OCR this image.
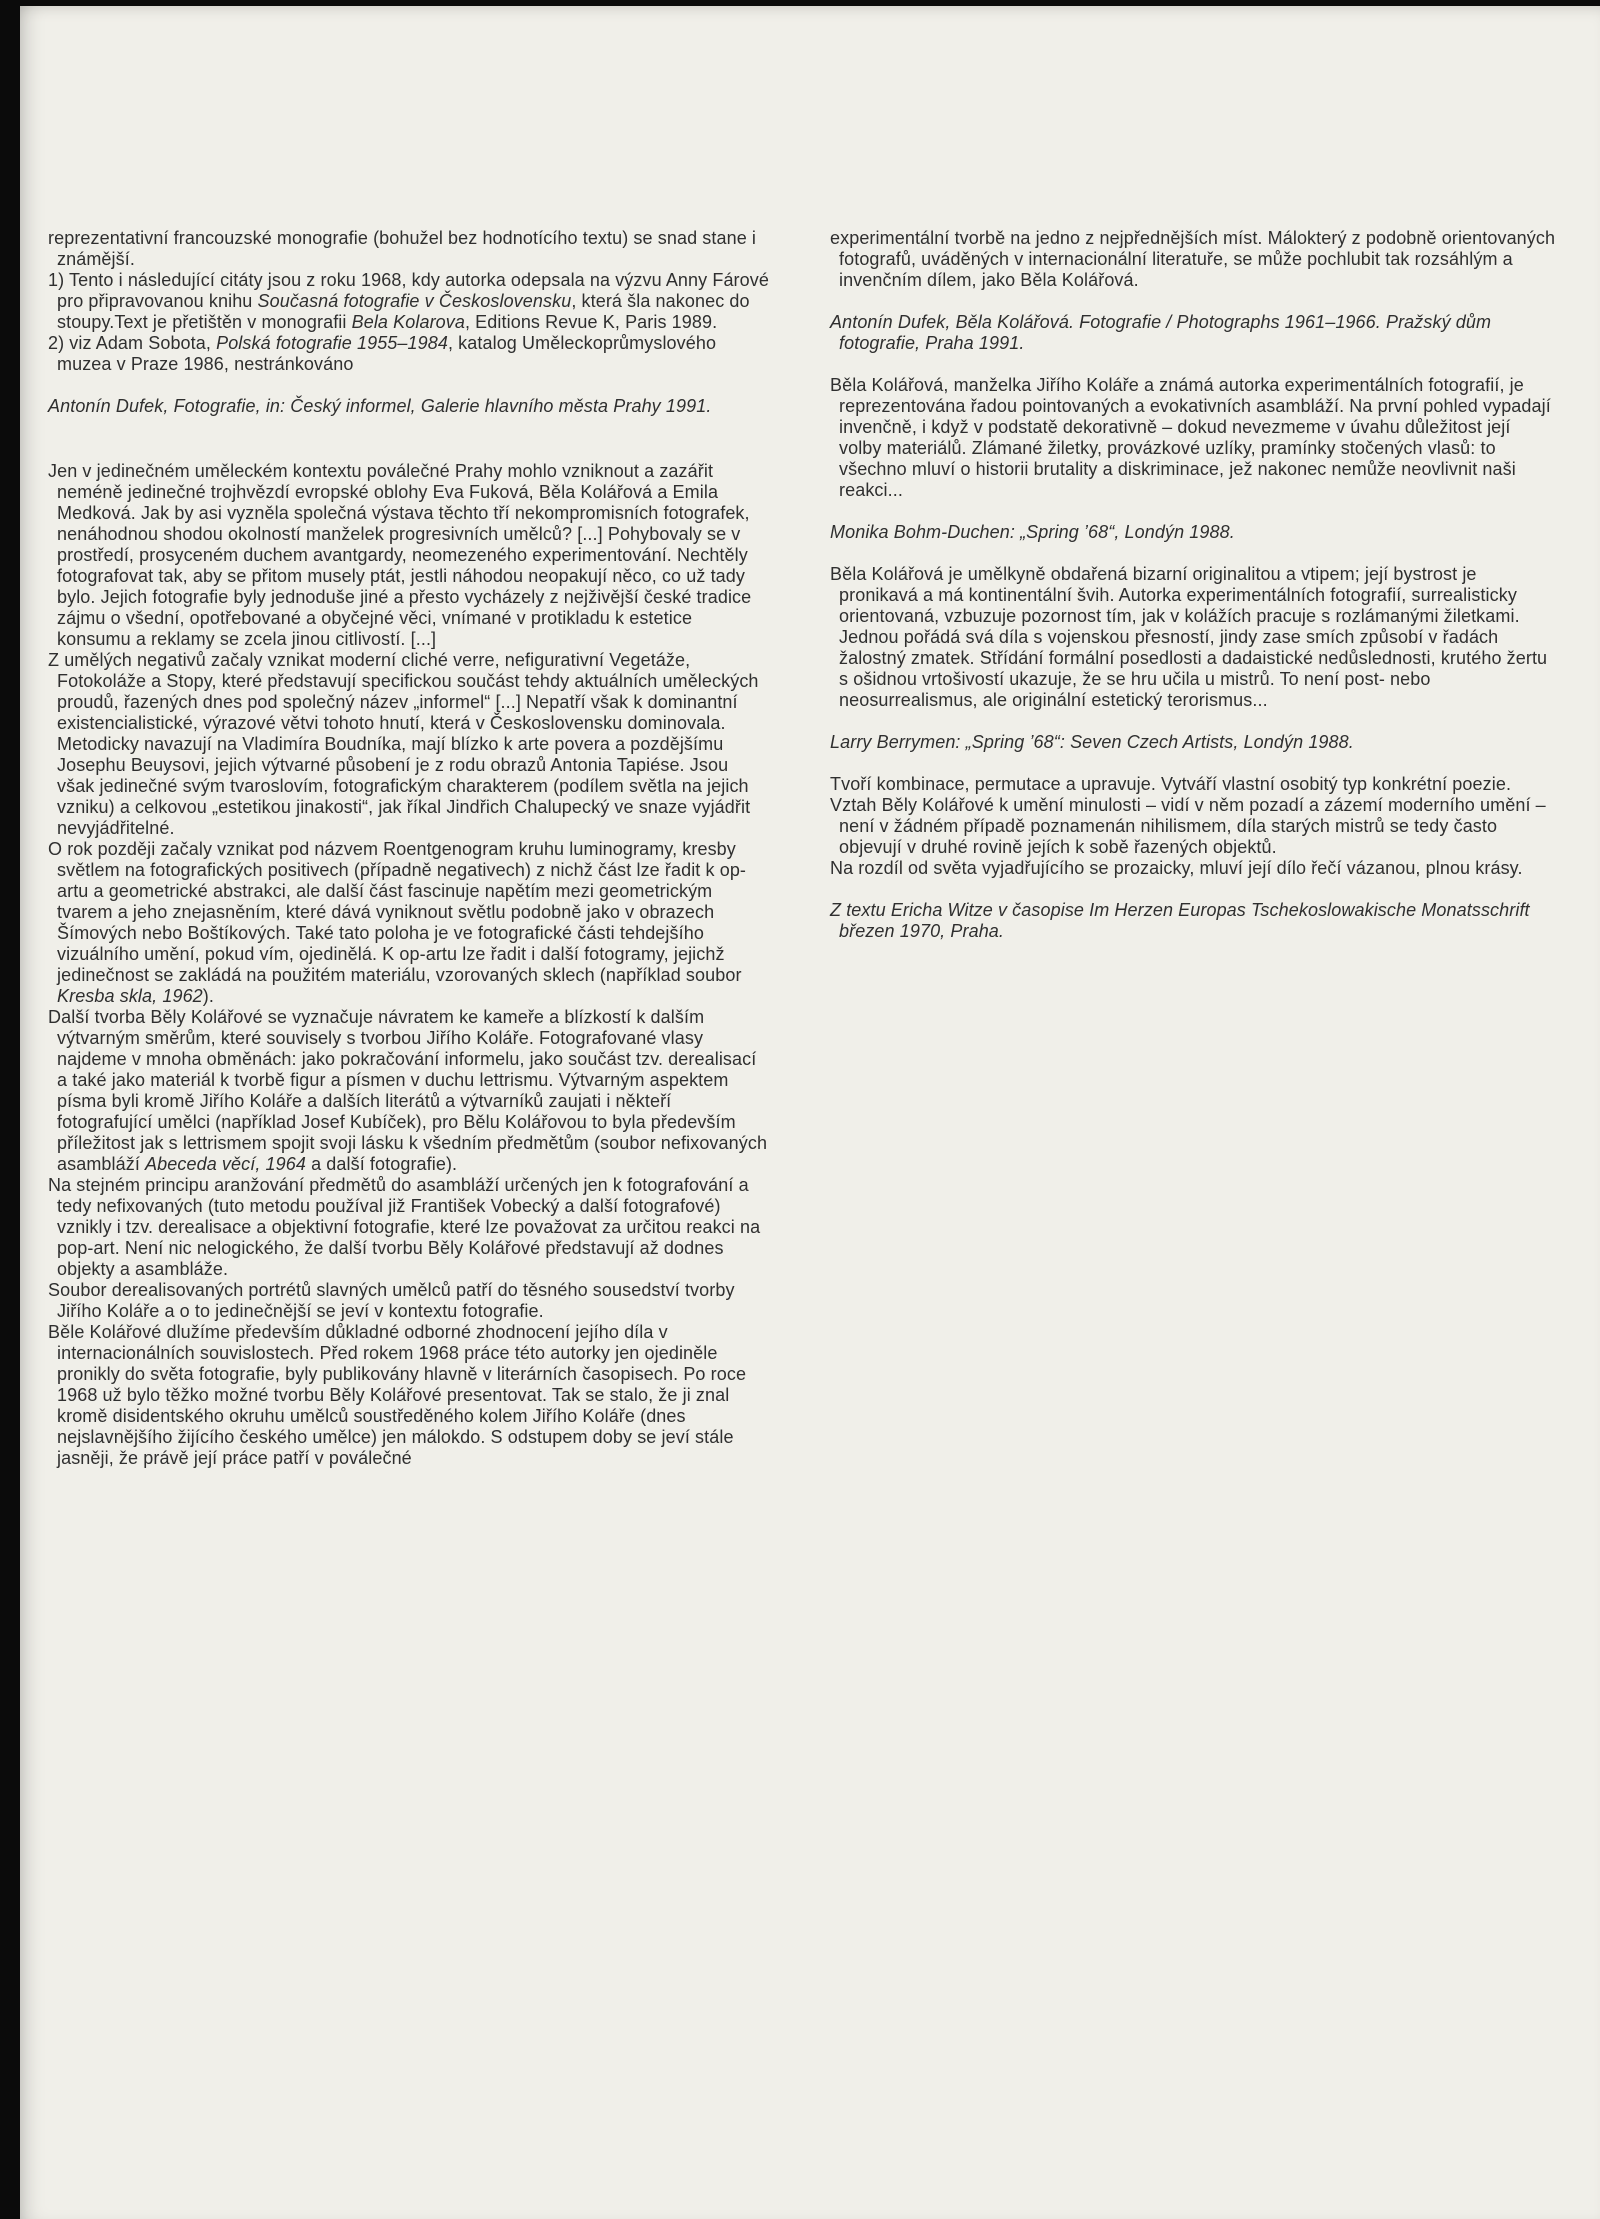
reprezentativní francouzské monografie (bohužel bez hodnotícího textu) se snad stane i známější.

1) Tento i následující citáty jsou z roku 1968, kdy autorka odepsala na výzvu Anny Fárové pro připravovanou knihu Současná fotografie v Československu, která šla nakonec do stoupy.Text je přetištěn v monografii Bela Kolarova, Editions Revue K, Paris 1989.

2) viz Adam Sobota, Polská fotografie 1955–1984, katalog Uměleckoprůmyslového muzea v Praze 1986, nestránkováno

Antonín Dufek, Fotografie, in: Český informel, Galerie hlavního města Prahy 1991.

Jen v jedinečném uměleckém kontextu poválečné Prahy mohlo vzniknout a zazářit neméně jedinečné trojhvězdí evropské oblohy Eva Fuková, Běla Kolářová a Emila Medková. Jak by asi vyzněla společná výstava těchto tří nekompromisních fotografek, nenáhodnou shodou okolností manželek progresivních umělců? [...] Pohybovaly se v prostředí, prosyceném duchem avantgardy, neomezeného experimentování. Nechtěly fotografovat tak, aby se přitom musely ptát, jestli náhodou neopakují něco, co už tady bylo. Jejich fotografie byly jednoduše jiné a přesto vycházely z nejživější české tradice zájmu o všední, opotřebované a obyčejné věci, vnímané v protikladu k estetice konsumu a reklamy se zcela jinou citlivostí. [...]

Z umělých negativů začaly vznikat moderní cliché verre, nefigurativní Vegetáže, Fotokoláže a Stopy, které představují specifickou součást tehdy aktuálních uměleckých proudů, řazených dnes pod společný název „informel“ [...] Nepatří však k dominantní existencialistické, výrazové větvi tohoto hnutí, která v Československu dominovala. Metodicky navazují na Vladimíra Boudníka, mají blízko k arte povera a pozdějšímu Josephu Beuysovi, jejich výtvarné působení je z rodu obrazů Antonia Tapiése. Jsou však jedinečné svým tvaroslovím, fotografickým charakterem (podílem světla na jejich vzniku) a celkovou „estetikou jinakosti“, jak říkal Jindřich Chalupecký ve snaze vyjádřit nevyjádřitelné.

O rok později začaly vznikat pod názvem Roentgenogram kruhu luminogramy, kresby světlem na fotografických positivech (případně negativech) z nichž část lze řadit k op-artu a geometrické abstrakci, ale další část fascinuje napětím mezi geometrickým tvarem a jeho znejasněním, které dává vyniknout světlu podobně jako v obrazech Šímových nebo Boštíkových. Také tato poloha je ve fotografické části tehdejšího vizuálního umění, pokud vím, ojedinělá. K op-artu lze řadit i další fotogramy, jejichž jedinečnost se zakládá na použitém materiálu, vzorovaných sklech (například soubor Kresba skla, 1962).

Další tvorba Běly Kolářové se vyznačuje návratem ke kameře a blízkostí k dalším výtvarným směrům, které souvisely s tvorbou Jiřího Koláře. Fotografované vlasy najdeme v mnoha obměnách: jako pokračování informelu, jako součást tzv. derealisací a také jako materiál k tvorbě figur a písmen v duchu lettrismu. Výtvarným aspektem písma byli kromě Jiřího Koláře a dalších literátů a výtvarníků zaujati i někteří fotografující umělci (například Josef Kubíček), pro Bělu Kolářovou to byla především příležitost jak s lettrismem spojit svoji lásku k všedním předmětům (soubor nefixovaných asambláží Abeceda věcí, 1964 a další fotografie).

Na stejném principu aranžování předmětů do asambláží určených jen k fotografování a tedy nefixovaných (tuto metodu používal již František Vobecký a další fotografové) vznikly i tzv. derealisace a objektivní fotografie, které lze považovat za určitou reakci na pop-art. Není nic nelogického, že další tvorbu Běly Kolářové představují až dodnes objekty a asambláže.

Soubor derealisovaných portrétů slavných umělců patří do těsného sousedství tvorby Jiřího Koláře a o to jedinečnější se jeví v kontextu fotografie.

Běle Kolářové dlužíme především důkladné odborné zhodnocení jejího díla v internacionálních souvislostech. Před rokem 1968 práce této autorky jen ojediněle pronikly do světa fotografie, byly publikovány hlavně v literárních časopisech. Po roce 1968 už bylo těžko možné tvorbu Běly Kolářové presentovat. Tak se stalo, že ji znal kromě disidentského okruhu umělců soustředěného kolem Jiřího Koláře (dnes nejslavnějšího žijícího českého umělce) jen málokdo. S odstupem doby se jeví stále jasněji, že právě její práce patří v poválečné

experimentální tvorbě na jedno z nejpřednějších míst. Málokterý z podobně orientovaných fotografů, uváděných v internacionální literatuře, se může pochlubit tak rozsáhlým a invenčním dílem, jako Běla Kolářová.

Antonín Dufek, Běla Kolářová. Fotografie / Photographs 1961–1966. Pražský dům fotografie, Praha 1991.

Běla Kolářová, manželka Jiřího Koláře a známá autorka experimentálních fotografií, je reprezentována řadou pointovaných a evokativních asambláží. Na první pohled vypadají invenčně, i když v podstatě dekorativně – dokud nevezmeme v úvahu důležitost její volby materiálů. Zlámané žiletky, provázkové uzlíky, pramínky stočených vlasů: to všechno mluví o historii brutality a diskriminace, jež nakonec nemůže neovlivnit naši reakci...

Monika Bohm-Duchen: „Spring ’68“, Londýn 1988.

Běla Kolářová je umělkyně obdařená bizarní originalitou a vtipem; její bystrost je pronikavá a má kontinentální švih. Autorka experimentálních fotografií, surrealisticky orientovaná, vzbuzuje pozornost tím, jak v kolážích pracuje s rozlámanými žiletkami. Jednou pořádá svá díla s vojenskou přesností, jindy zase smích způsobí v řadách žalostný zmatek. Střídání formální posedlosti a dadaistické nedůslednosti, krutého žertu s ošidnou vrtošivostí ukazuje, že se hru učila u mistrů. To není post- nebo neosurrealismus, ale originální estetický terorismus...

Larry Berrymen: „Spring ’68“: Seven Czech Artists, Londýn 1988.

Tvoří kombinace, permutace a upravuje. Vytváří vlastní osobitý typ konkrétní poezie.

Vztah Běly Kolářové k umění minulosti – vidí v něm pozadí a zázemí moderního umění – není v žádném případě poznamenán nihilismem, díla starých mistrů se tedy často objevují v druhé rovině jejích k sobě řazených objektů.

Na rozdíl od světa vyjadřujícího se prozaicky, mluví její dílo řečí vázanou, plnou krásy.

Z textu Ericha Witze v časopise Im Herzen Europas Tschekoslowakische Monatsschrift březen 1970, Praha.
